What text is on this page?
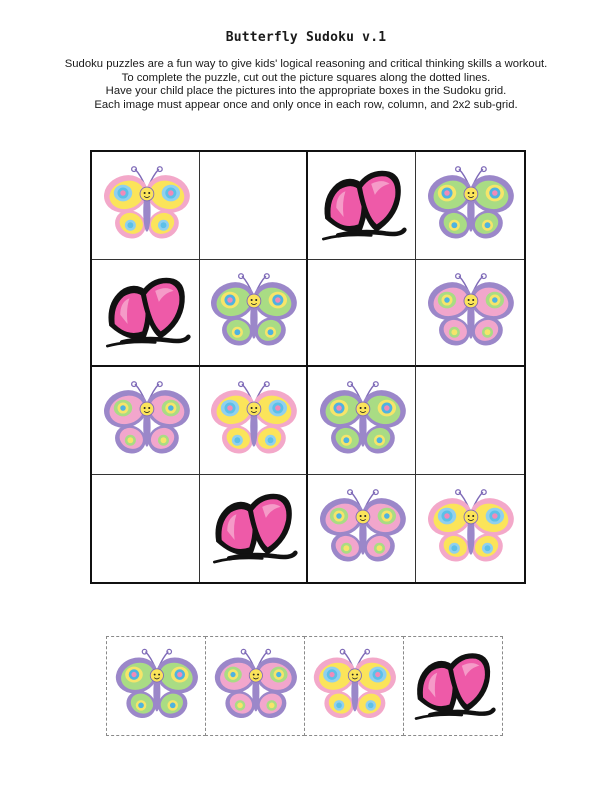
Butterfly Sudoku v.1
Sudoku puzzles are a fun way to give kids' logical reasoning and critical thinking skills a workout.
To complete the puzzle, cut out the picture squares along the dotted lines.
Have your child place the pictures into the appropriate boxes in the Sudoku grid.
Each image must appear once and only once in each row, column, and 2x2 sub-grid.
